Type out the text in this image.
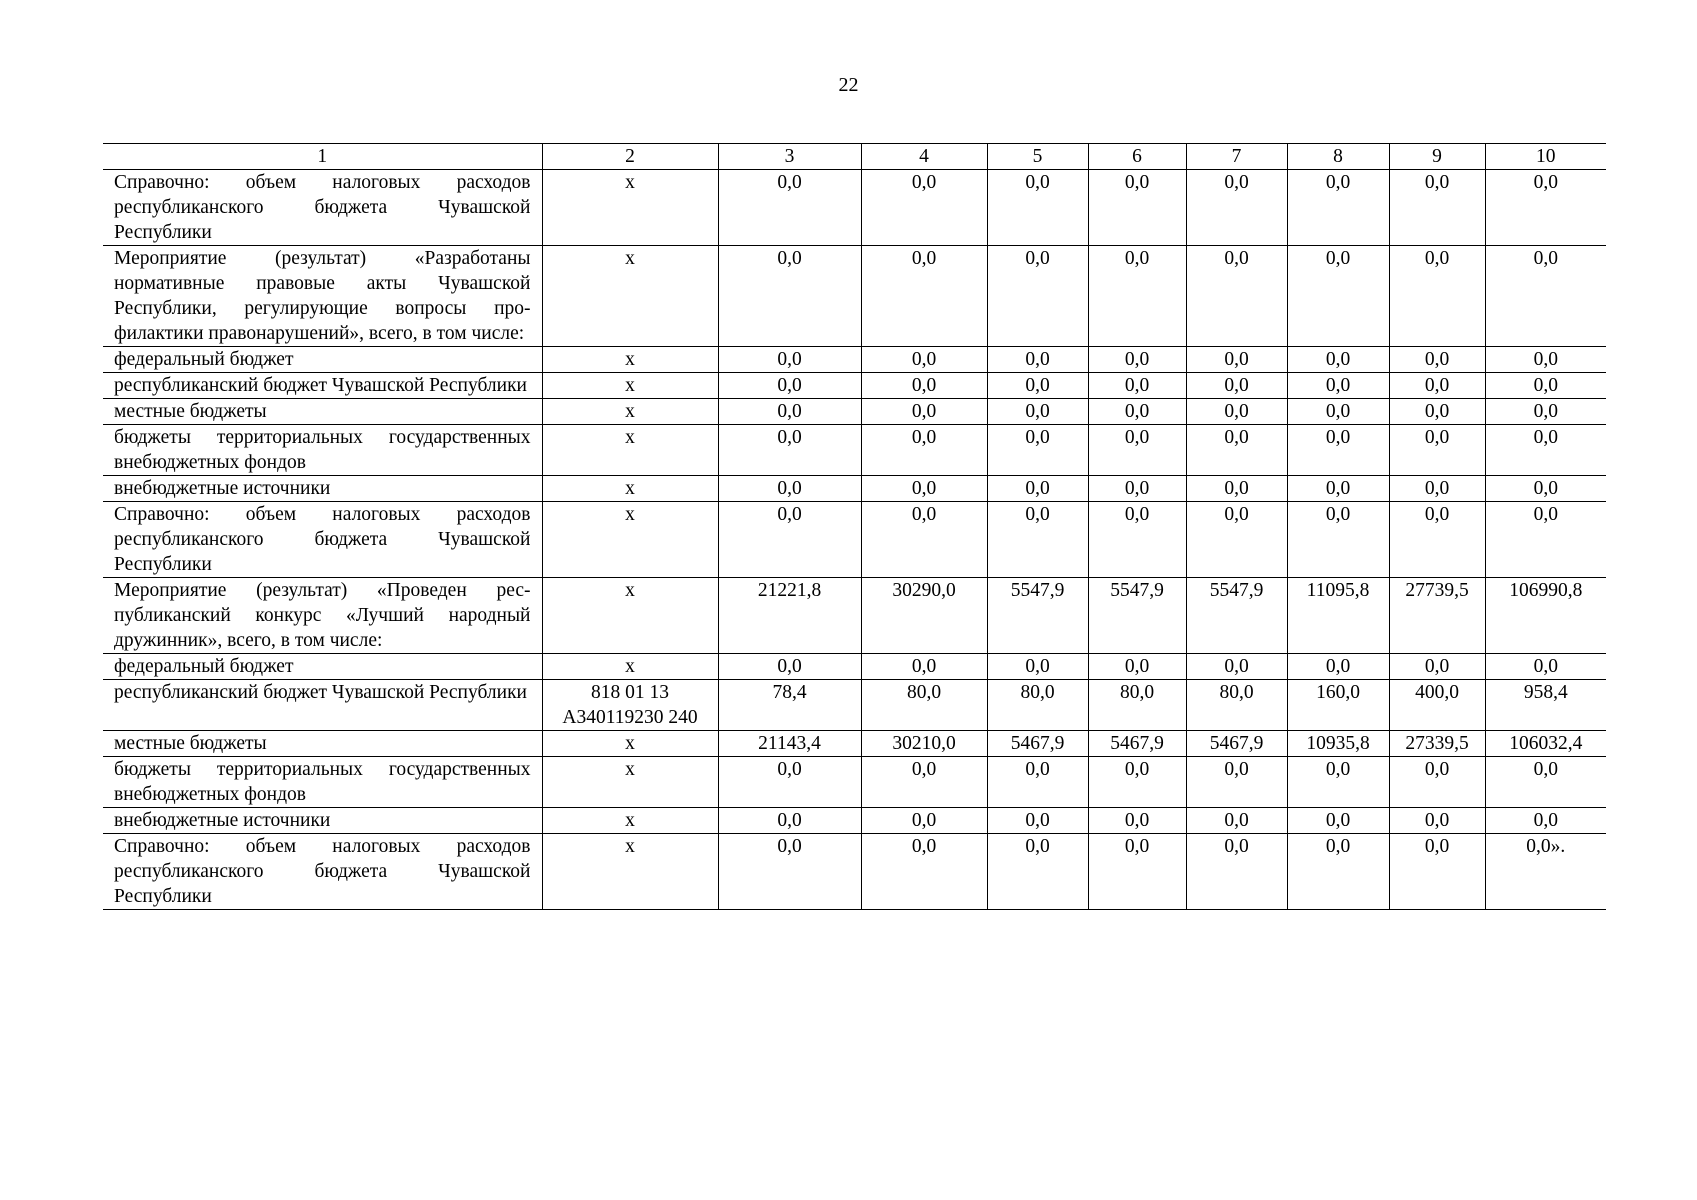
22
1	2	3	4	5	6	7	8	9	10
Справочно: объем налоговых расходов республиканского бюджета Чувашской Республики	х	0,0	0,0	0,0	0,0	0,0	0,0	0,0	0,0
Мероприятие (результат) «Разработаны нормативные правовые акты Чувашской Республики, регулирующие вопросы профилактики правонарушений», всего, в том числе:	х	0,0	0,0	0,0	0,0	0,0	0,0	0,0	0,0
федеральный бюджет	х	0,0	0,0	0,0	0,0	0,0	0,0	0,0	0,0
республиканский бюджет Чувашской Республики	х	0,0	0,0	0,0	0,0	0,0	0,0	0,0	0,0
местные бюджеты	х	0,0	0,0	0,0	0,0	0,0	0,0	0,0	0,0
бюджеты территориальных государственных внебюджетных фондов	х	0,0	0,0	0,0	0,0	0,0	0,0	0,0	0,0
внебюджетные источники	х	0,0	0,0	0,0	0,0	0,0	0,0	0,0	0,0
Справочно: объем налоговых расходов республиканского бюджета Чувашской Республики	х	0,0	0,0	0,0	0,0	0,0	0,0	0,0	0,0
Мероприятие (результат) «Проведен республиканский конкурс «Лучший народный дружинник», всего, в том числе:	х	21221,8	30290,0	5547,9	5547,9	5547,9	11095,8	27739,5	106990,8
федеральный бюджет	х	0,0	0,0	0,0	0,0	0,0	0,0	0,0	0,0
республиканский бюджет Чувашской Республики	818 01 13 А340119230 240	78,4	80,0	80,0	80,0	80,0	160,0	400,0	958,4
местные бюджеты	х	21143,4	30210,0	5467,9	5467,9	5467,9	10935,8	27339,5	106032,4
бюджеты территориальных государственных внебюджетных фондов	х	0,0	0,0	0,0	0,0	0,0	0,0	0,0	0,0
внебюджетные источники	х	0,0	0,0	0,0	0,0	0,0	0,0	0,0	0,0
Справочно: объем налоговых расходов республиканского бюджета Чувашской Республики	х	0,0	0,0	0,0	0,0	0,0	0,0	0,0	0,0».
